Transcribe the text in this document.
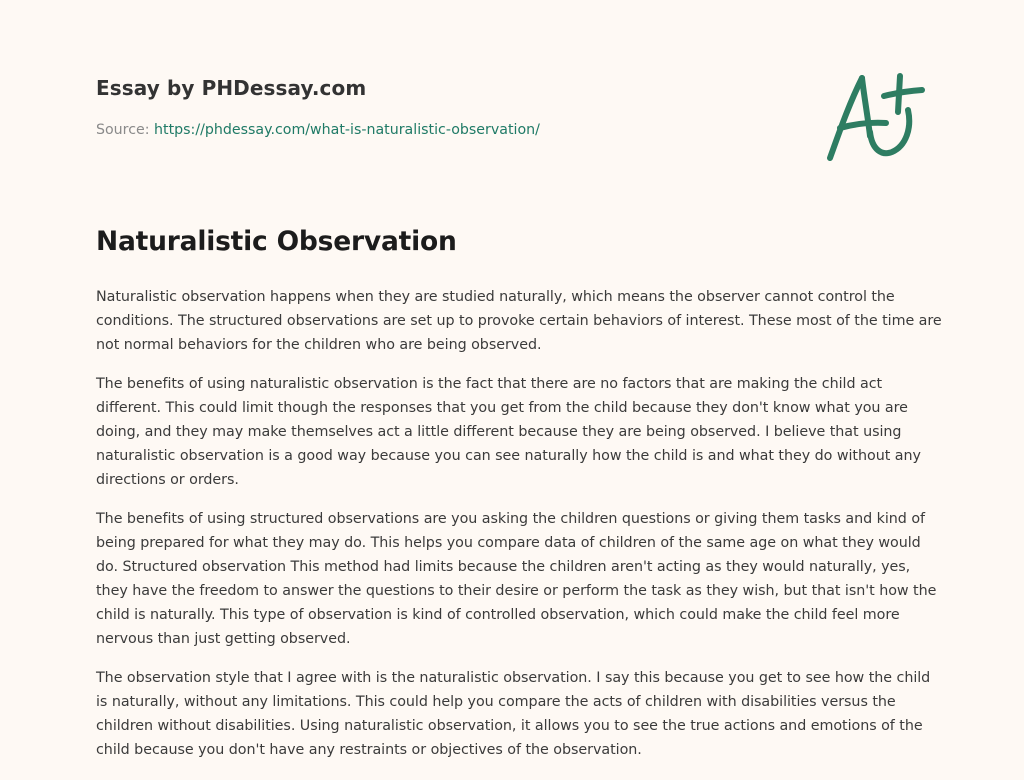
Essay by PHDessay.com
Source: https://phdessay.com/what-is-naturalistic-observation/
Naturalistic Observation

Naturalistic observation happens when they are studied naturally, which means the observer cannot control the conditions. The structured observations are set up to provoke certain behaviors of interest. These most of the time are not normal behaviors for the children who are being observed.

The benefits of using naturalistic observation is the fact that there are no factors that are making the child act different. This could limit though the responses that you get from the child because they don't know what you are doing, and they may make themselves act a little different because they are being observed. I believe that using naturalistic observation is a good way because you can see naturally how the child is and what they do without any directions or orders.

The benefits of using structured observations are you asking the children questions or giving them tasks and kind of being prepared for what they may do. This helps you compare data of children of the same age on what they would do. Structured observation This method had limits because the children aren't acting as they would naturally, yes, they have the freedom to answer the questions to their desire or perform the task as they wish, but that isn't how the child is naturally. This type of observation is kind of controlled observation, which could make the child feel more nervous than just getting observed.

The observation style that I agree with is the naturalistic observation. I say this because you get to see how the child is naturally, without any limitations. This could help you compare the acts of children with disabilities versus the children without disabilities. Using naturalistic observation, it allows you to see the true actions and emotions of the child because you don't have any restraints or objectives of the observation.
